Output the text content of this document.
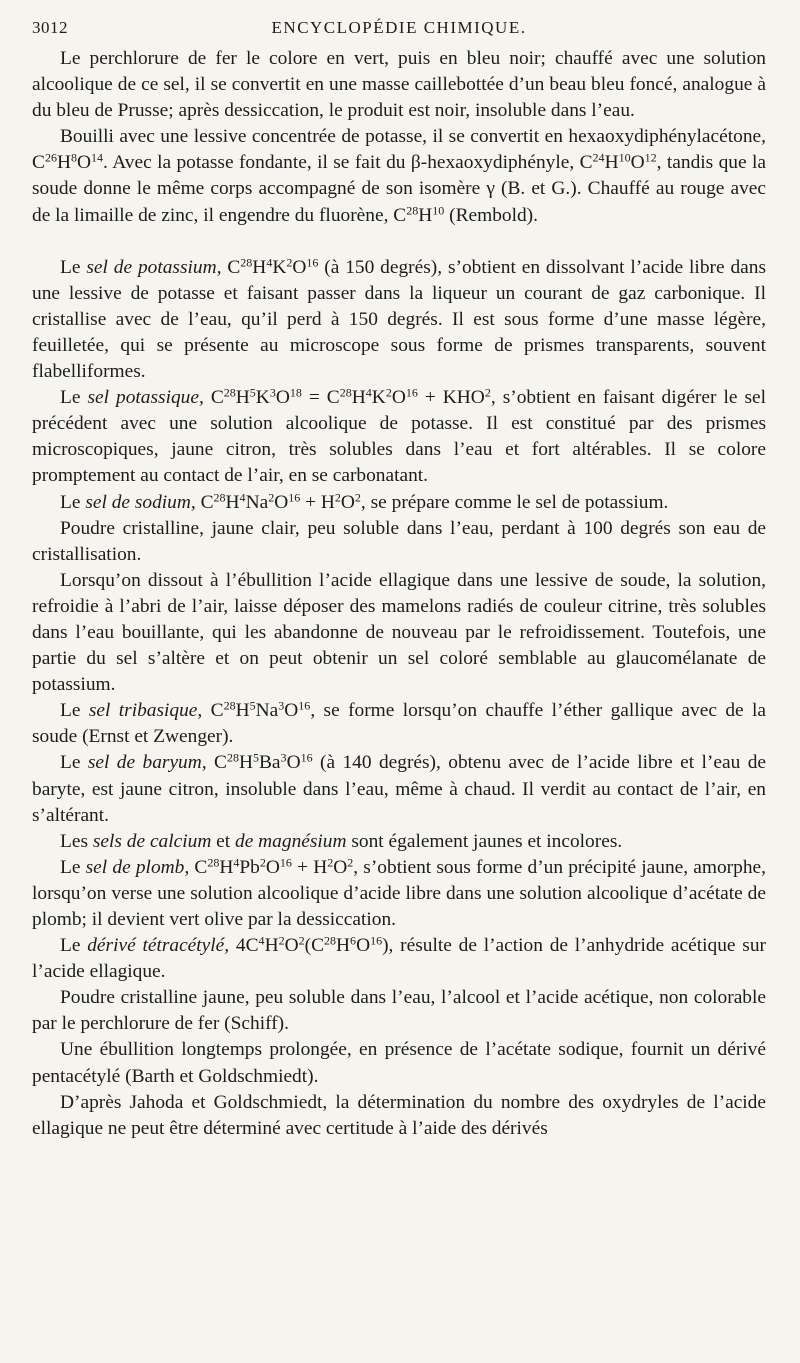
3012	ENCYCLOPÉDIE CHIMIQUE.

Le perchlorure de fer le colore en vert, puis en bleu noir; chauffé avec une solution alcoolique de ce sel, il se convertit en une masse caillebottée d’un beau bleu foncé, analogue à du bleu de Prusse; après dessiccation, le produit est noir, insoluble dans l’eau.

Bouilli avec une lessive concentrée de potasse, il se convertit en hexaoxydiphénylacétone, $C^{26}H^8O^{14}$. Avec la potasse fondante, il se fait du β-hexaoxydiphényle, $C^{24}H^{10}O^{12}$, tandis que la soude donne le même corps accompagné de son isomère γ (B. et G.). Chauffé au rouge avec de la limaille de zinc, il engendre du fluorène, $C^{28}H^{10}$ (Rembold).

Le sel de potassium, $C^{28}H^4K^2O^{16}$ (à 150 degrés), s’obtient en dissolvant l’acide libre dans une lessive de potasse et faisant passer dans la liqueur un courant de gaz carbonique. Il cristallise avec de l’eau, qu’il perd à 150 degrés. Il est sous forme d’une masse légère, feuilletée, qui se présente au microscope sous forme de prismes transparents, souvent flabelliformes.

Le sel potassique, $C^{28}H^5K^3O^{18} = C^{28}H^4K^2O^{16} + KHO^2$, s’obtient en faisant digérer le sel précédent avec une solution alcoolique de potasse. Il est constitué par des prismes microscopiques, jaune citron, très solubles dans l’eau et fort altérables. Il se colore promptement au contact de l’air, en se carbonatant.

Le sel de sodium, $C^{28}H^4Na^2O^{16} + H^2O^2$, se prépare comme le sel de potassium.

Poudre cristalline, jaune clair, peu soluble dans l’eau, perdant à 100 degrés son eau de cristallisation.

Lorsqu’on dissout à l’ébullition l’acide ellagique dans une lessive de soude, la solution, refroidie à l’abri de l’air, laisse déposer des mamelons radiés de couleur citrine, très solubles dans l’eau bouillante, qui les abandonne de nouveau par le refroidissement. Toutefois, une partie du sel s’altère et on peut obtenir un sel coloré semblable au glaucomélanate de potassium.

Le sel tribasique, $C^{28}H^5Na^3O^{16}$, se forme lorsqu’on chauffe l’éther gallique avec de la soude (Ernst et Zwenger).

Le sel de baryum, $C^{28}H^5Ba^3O^{16}$ (à 140 degrés), obtenu avec de l’acide libre et l’eau de baryte, est jaune citron, insoluble dans l’eau, même à chaud. Il verdit au contact de l’air, en s’altérant.

Les sels de calcium et de magnésium sont également jaunes et incolores.

Le sel de plomb, $C^{28}H^4Pb^2O^{16} + H^2O^2$, s’obtient sous forme d’un précipité jaune, amorphe, lorsqu’on verse une solution alcoolique d’acide libre dans une solution alcoolique d’acétate de plomb; il devient vert olive par la dessiccation.

Le dérivé tétracétylé, $4C^4H^2O^2(C^{28}H^6O^{16})$, résulte de l’action de l’anhydride acétique sur l’acide ellagique.

Poudre cristalline jaune, peu soluble dans l’eau, l’alcool et l’acide acétique, non colorable par le perchlorure de fer (Schiff).

Une ébullition longtemps prolongée, en présence de l’acétate sodique, fournit un dérivé pentacétylé (Barth et Goldschmiedt).

D’après Jahoda et Goldschmiedt, la détermination du nombre des oxydryles de l’acide ellagique ne peut être déterminé avec certitude à l’aide des dérivés
